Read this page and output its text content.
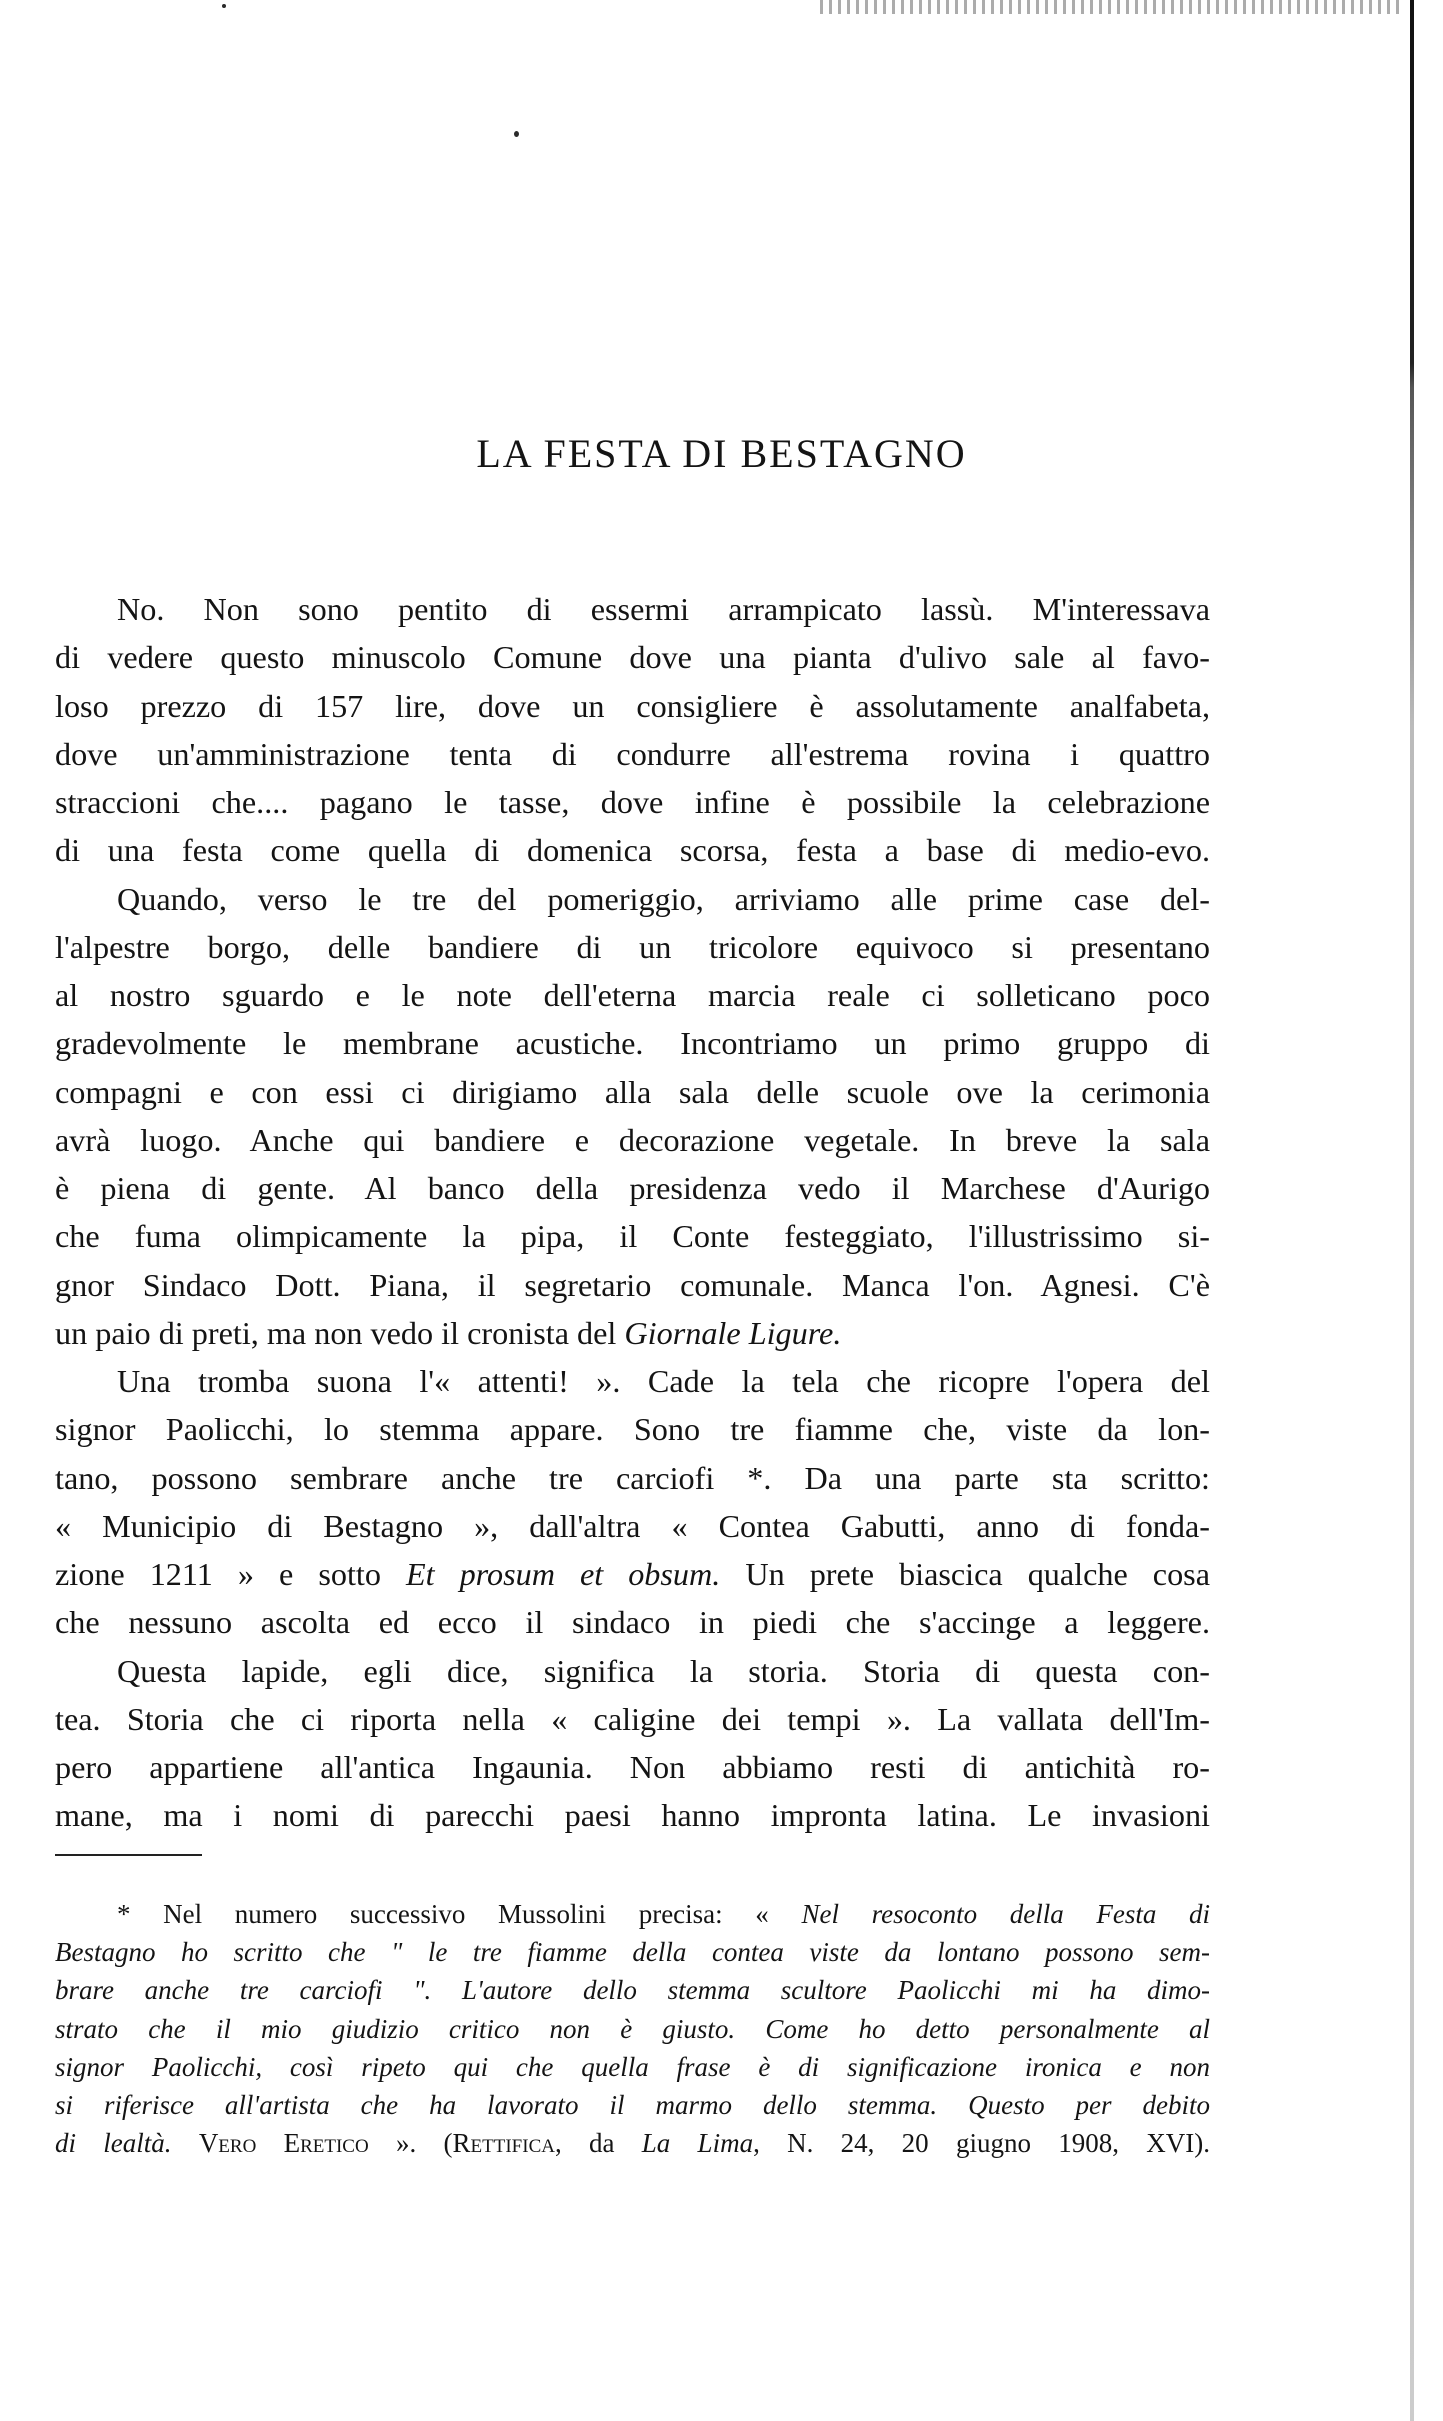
LA FESTA DI BESTAGNO

No. Non sono pentito di essermi arrampicato lassù. M'interessava
di vedere questo minuscolo Comune dove una pianta d'ulivo sale al favo-
loso prezzo di 157 lire, dove un consigliere è assolutamente analfabeta,
dove un'amministrazione tenta di condurre all'estrema rovina i quattro
straccioni che.... pagano le tasse, dove infine è possibile la celebrazione
di una festa come quella di domenica scorsa, festa a base di medio-evo.

Quando, verso le tre del pomeriggio, arriviamo alle prime case del-
l'alpestre borgo, delle bandiere di un tricolore equivoco si presentano
al nostro sguardo e le note dell'eterna marcia reale ci solleticano poco
gradevolmente le membrane acustiche. Incontriamo un primo gruppo di
compagni e con essi ci dirigiamo alla sala delle scuole ove la cerimonia
avrà luogo. Anche qui bandiere e decorazione vegetale. In breve la sala
è piena di gente. Al banco della presidenza vedo il Marchese d'Aurigo
che fuma olimpicamente la pipa, il Conte festeggiato, l'illustrissimo si-
gnor Sindaco Dott. Piana, il segretario comunale. Manca l'on. Agnesi. C'è
un paio di preti, ma non vedo il cronista del Giornale Ligure.

Una tromba suona l'« attenti! ». Cade la tela che ricopre l'opera del
signor Paolicchi, lo stemma appare. Sono tre fiamme che, viste da lon-
tano, possono sembrare anche tre carciofi *. Da una parte sta scritto:
« Municipio di Bestagno », dall'altra « Contea Gabutti, anno di fonda-
zione 1211 » e sotto Et prosum et obsum. Un prete biascica qualche cosa
che nessuno ascolta ed ecco il sindaco in piedi che s'accinge a leggere.

Questa lapide, egli dice, significa la storia. Storia di questa con-
tea. Storia che ci riporta nella « caligine dei tempi ». La vallata dell'Im-
pero appartiene all'antica Ingaunia. Non abbiamo resti di antichità ro-
mane, ma i nomi di parecchi paesi hanno impronta latina. Le invasioni

* Nel numero successivo Mussolini precisa: « Nel resoconto della Festa di
Bestagno ho scritto che " le tre fiamme della contea viste da lontano possono sem-
brare anche tre carciofi ". L'autore dello stemma scultore Paolicchi mi ha dimo-
strato che il mio giudizio critico non è giusto. Come ho detto personalmente al
signor Paolicchi, così ripeto qui che quella frase è di significazione ironica e non
si riferisce all'artista che ha lavorato il marmo dello stemma. Questo per debito
di lealtà. Vero Eretico ». (Rettifica, da La Lima, N. 24, 20 giugno 1908, XVI).
